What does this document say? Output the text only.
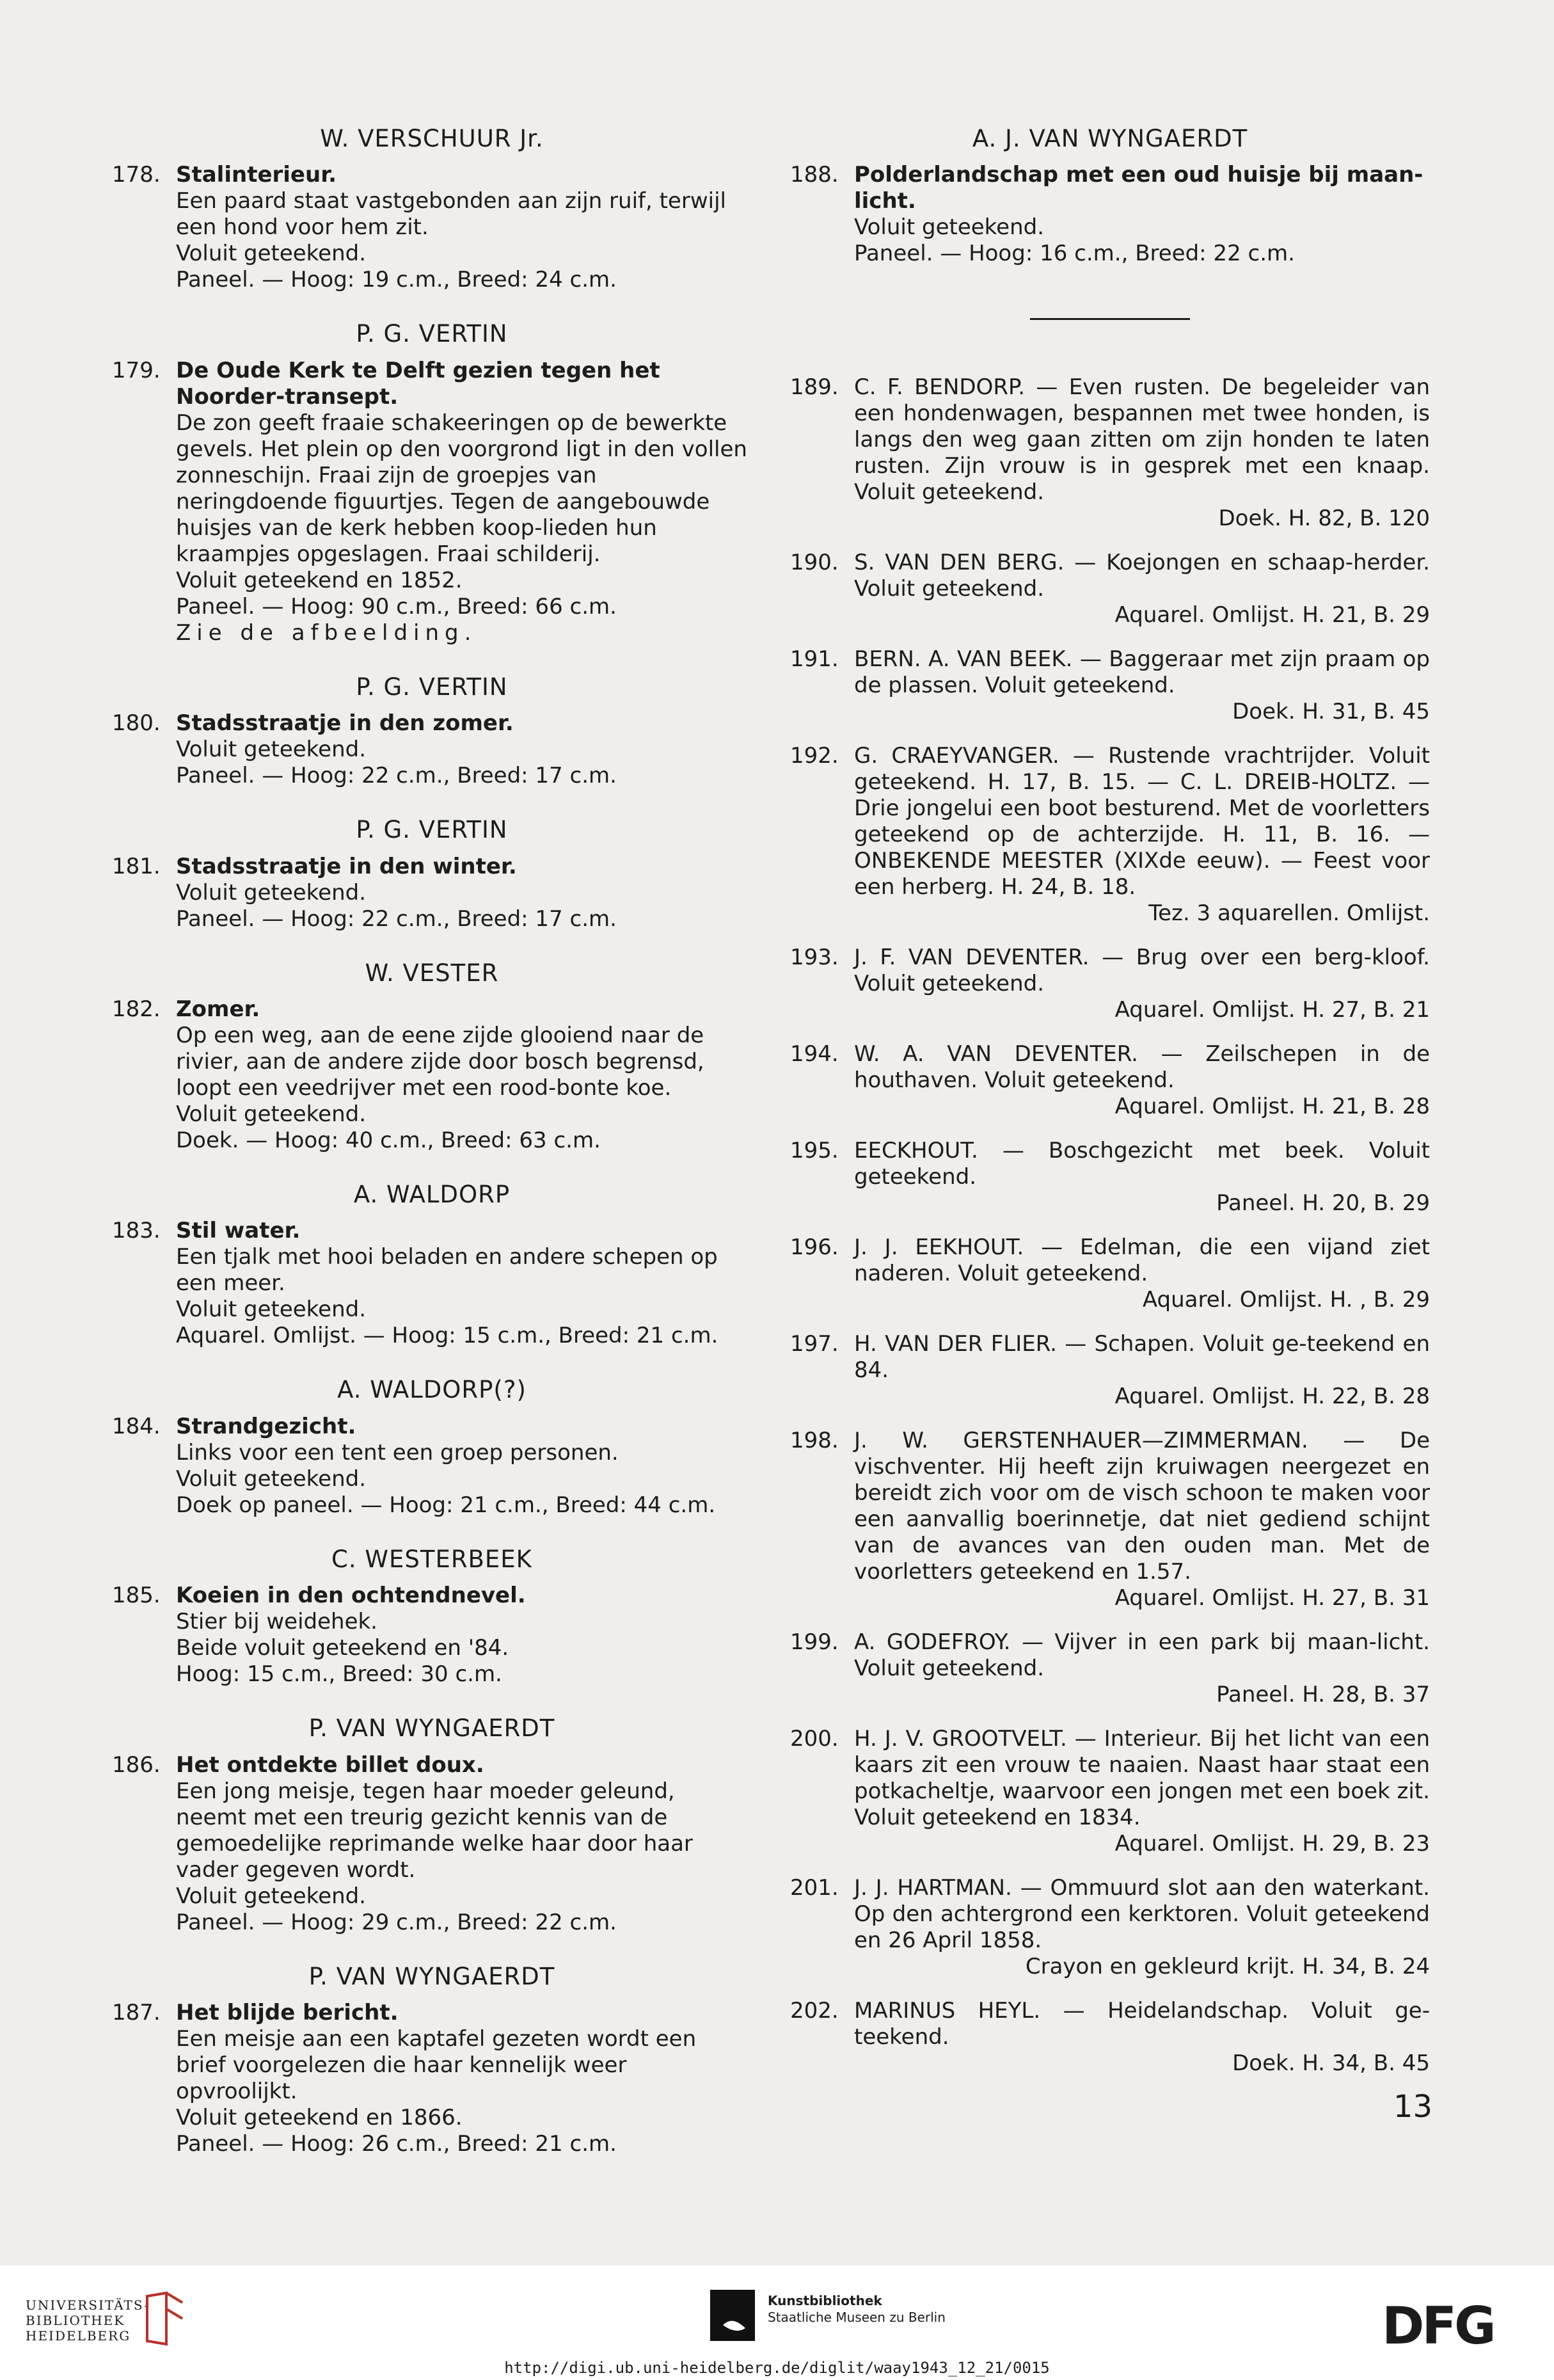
W. VERSCHUUR Jr.
178. Stalinterieur.

Een paard staat vastgebonden aan zijn ruif, terwijl een hond voor hem zit.

Voluit geteekend.

Paneel. — Hoog: 19 c.m., Breed: 24 c.m.

P. G. VERTIN
179. De Oude Kerk te Delft gezien tegen het Noorder-transept.

De zon geeft fraaie schakeeringen op de bewerkte gevels. Het plein op den voorgrond ligt in den vollen zonneschijn. Fraai zijn de groepjes van neringdoende figuurtjes. Tegen de aangebouwde huisjes van de kerk hebben koop-lieden hun kraampjes opgeslagen. Fraai schilderij.

Voluit geteekend en 1852.

Paneel. — Hoog: 90 c.m., Breed: 66 c.m.

Zie de afbeelding.

P. G. VERTIN
180. Stadsstraatje in den zomer.

Voluit geteekend.

Paneel. — Hoog: 22 c.m., Breed: 17 c.m.

P. G. VERTIN
181. Stadsstraatje in den winter.

Voluit geteekend.

Paneel. — Hoog: 22 c.m., Breed: 17 c.m.

W. VESTER
182. Zomer.

Op een weg, aan de eene zijde glooiend naar de rivier, aan de andere zijde door bosch begrensd, loopt een veedrijver met een rood-bonte koe.

Voluit geteekend.

Doek. — Hoog: 40 c.m., Breed: 63 c.m.

A. WALDORP
183. Stil water.

Een tjalk met hooi beladen en andere schepen op een meer.

Voluit geteekend.

Aquarel. Omlijst. — Hoog: 15 c.m., Breed: 21 c.m.

A. WALDORP(?)
184. Strandgezicht.

Links voor een tent een groep personen.

Voluit geteekend.

Doek op paneel. — Hoog: 21 c.m., Breed: 44 c.m.

C. WESTERBEEK
185. Koeien in den ochtendnevel.

Stier bij weidehek.

Beide voluit geteekend en '84.

Hoog: 15 c.m., Breed: 30 c.m.

P. VAN WYNGAERDT
186. Het ontdekte billet doux.

Een jong meisje, tegen haar moeder geleund, neemt met een treurig gezicht kennis van de gemoedelijke reprimande welke haar door haar vader gegeven wordt.

Voluit geteekend.

Paneel. — Hoog: 29 c.m., Breed: 22 c.m.

P. VAN WYNGAERDT
187. Het blijde bericht.

Een meisje aan een kaptafel gezeten wordt een brief voorgelezen die haar kennelijk weer opvroolijkt.

Voluit geteekend en 1866.

Paneel. — Hoog: 26 c.m., Breed: 21 c.m.

A. J. VAN WYNGAERDT
188. Polderlandschap met een oud huisje bij maan-licht.

Voluit geteekend.

Paneel. — Hoog: 16 c.m., Breed: 22 c.m.

189. C. F. BENDORP. — Even rusten. De begeleider van een hondenwagen, bespannen met twee honden, is langs den weg gaan zitten om zijn honden te laten rusten. Zijn vrouw is in gesprek met een knaap. Voluit geteekend.

Doek. H. 82, B. 120

190. S. VAN DEN BERG. — Koejongen en schaap-herder. Voluit geteekend.

Aquarel. Omlijst. H. 21, B. 29

191. BERN. A. VAN BEEK. — Baggeraar met zijn praam op de plassen. Voluit geteekend.

Doek. H. 31, B. 45

192. G. CRAEYVANGER. — Rustende vrachtrijder. Voluit geteekend. H. 17, B. 15. — C. L. DREIB-HOLTZ. — Drie jongelui een boot besturend. Met de voorletters geteekend op de achterzijde. H. 11, B. 16. — ONBEKENDE MEESTER (XIXde eeuw). — Feest voor een herberg. H. 24, B. 18.

Tez. 3 aquarellen. Omlijst.

193. J. F. VAN DEVENTER. — Brug over een berg-kloof. Voluit geteekend.

Aquarel. Omlijst. H. 27, B. 21

194. W. A. VAN DEVENTER. — Zeilschepen in de houthaven. Voluit geteekend.

Aquarel. Omlijst. H. 21, B. 28

195. EECKHOUT. — Boschgezicht met beek. Voluit geteekend.

Paneel. H. 20, B. 29

196. J. J. EEKHOUT. — Edelman, die een vijand ziet naderen. Voluit geteekend.

Aquarel. Omlijst. H. , B. 29

197. H. VAN DER FLIER. — Schapen. Voluit ge-teekend en 84.

Aquarel. Omlijst. H. 22, B. 28

198. J. W. GERSTENHAUER—ZIMMERMAN. — De vischventer. Hij heeft zijn kruiwagen neergezet en bereidt zich voor om de visch schoon te maken voor een aanvallig boerinnetje, dat niet gediend schijnt van de avances van den ouden man. Met de voorletters geteekend en 1.57.

Aquarel. Omlijst. H. 27, B. 31

199. A. GODEFROY. — Vijver in een park bij maan-licht. Voluit geteekend.

Paneel. H. 28, B. 37

200. H. J. V. GROOTVELT. — Interieur. Bij het licht van een kaars zit een vrouw te naaien. Naast haar staat een potkacheltje, waarvoor een jongen met een boek zit. Voluit geteekend en 1834.

Aquarel. Omlijst. H. 29, B. 23

201. J. J. HARTMAN. — Ommuurd slot aan den waterkant. Op den achtergrond een kerktoren. Voluit geteekend en 26 April 1858.

Crayon en gekleurd krijt. H. 34, B. 24

202. MARINUS HEYL. — Heidelandschap. Voluit ge-teekend.

Doek. H. 34, B. 45

13
UNIVERSITÄTS-
BIBLIOTHEK
HEIDELBERG
Kunstbibliothek
Staatliche Museen zu Berlin	DFG
http://digi.ub.uni-heidelberg.de/diglit/waay1943_12_21/0015
